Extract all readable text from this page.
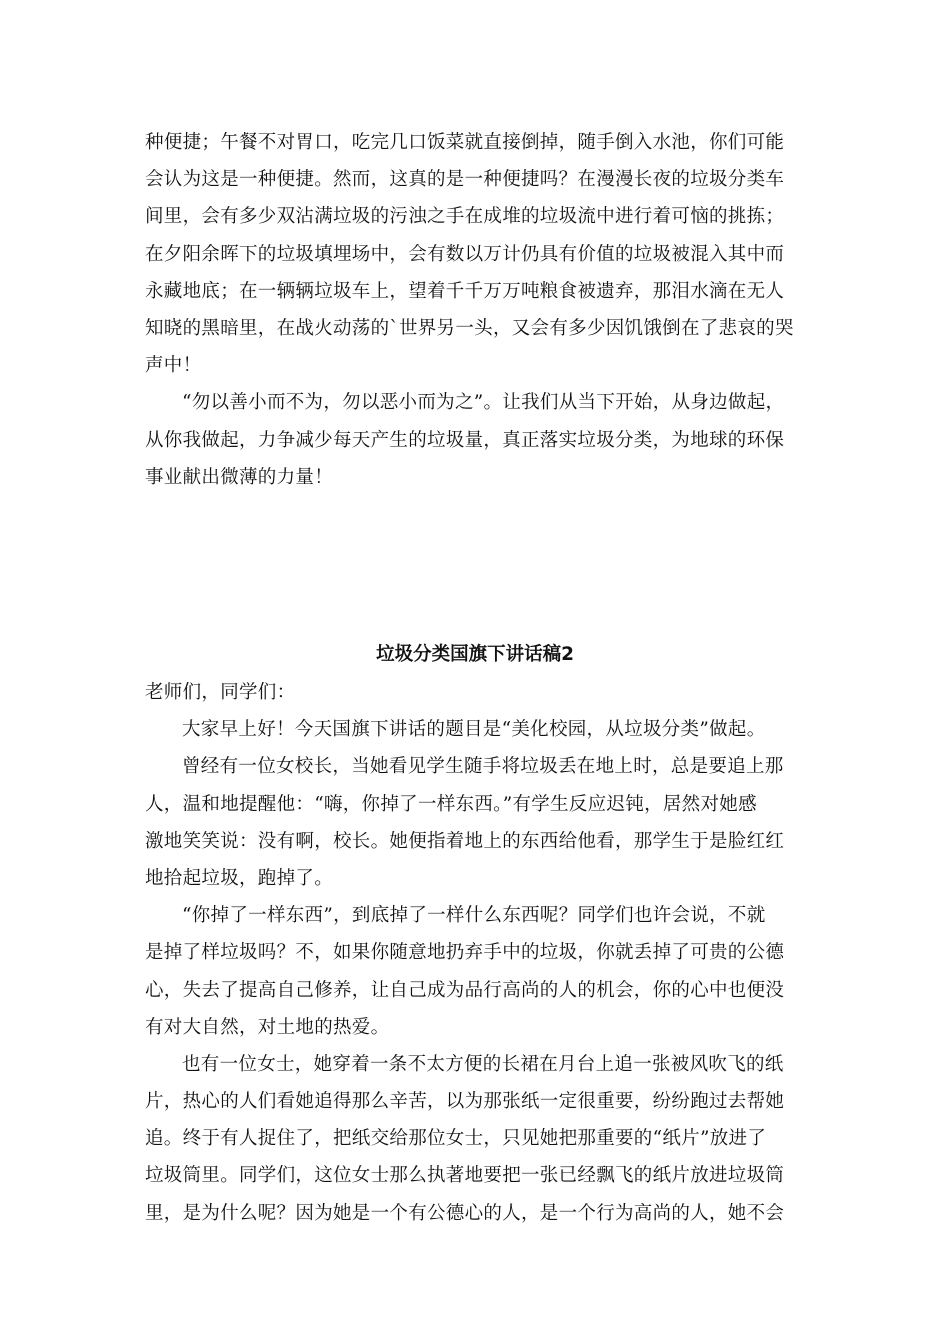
种便捷；午餐不对胃口，吃完几口饭菜就直接倒掉，随手倒入水池，你们可能
会认为这是一种便捷。然而，这真的是一种便捷吗？在漫漫长夜的垃圾分类车
间里，会有多少双沾满垃圾的污浊之手在成堆的垃圾流中进行着可恼的挑拣；
在夕阳余晖下的垃圾填埋场中，会有数以万计仍具有价值的垃圾被混入其中而
永藏地底；在一辆辆垃圾车上，望着千千万万吨粮食被遗弃，那泪水滴在无人
知晓的黑暗里，在战火动荡的`世界另一头，又会有多少因饥饿倒在了悲哀的哭
声中！
“勿以善小而不为，勿以恶小而为之”。让我们从当下开始，从身边做起，
从你我做起，力争减少每天产生的垃圾量，真正落实垃圾分类，为地球的环保
事业献出微薄的力量！
垃圾分类国旗下讲话稿2
老师们，同学们：
大家早上好！今天国旗下讲话的题目是“美化校园，从垃圾分类”做起。
曾经有一位女校长，当她看见学生随手将垃圾丢在地上时，总是要追上那
人，温和地提醒他：“嗨，你掉了一样东西。”有学生反应迟钝，居然对她感
激地笑笑说：没有啊，校长。她便指着地上的东西给他看，那学生于是脸红红
地拾起垃圾，跑掉了。
“你掉了一样东西”，到底掉了一样什么东西呢？同学们也许会说，不就
是掉了样垃圾吗？不，如果你随意地扔弃手中的垃圾，你就丢掉了可贵的公德
心，失去了提高自己修养，让自己成为品行高尚的人的机会，你的心中也便没
有对大自然，对土地的热爱。
也有一位女士，她穿着一条不太方便的长裙在月台上追一张被风吹飞的纸
片，热心的人们看她追得那么辛苦，以为那张纸一定很重要，纷纷跑过去帮她
追。终于有人捉住了，把纸交给那位女士，只见她把那重要的“纸片”放进了
垃圾筒里。同学们，这位女士那么执著地要把一张已经飘飞的纸片放进垃圾筒
里，是为什么呢？因为她是一个有公德心的人，是一个行为高尚的人，她不会
